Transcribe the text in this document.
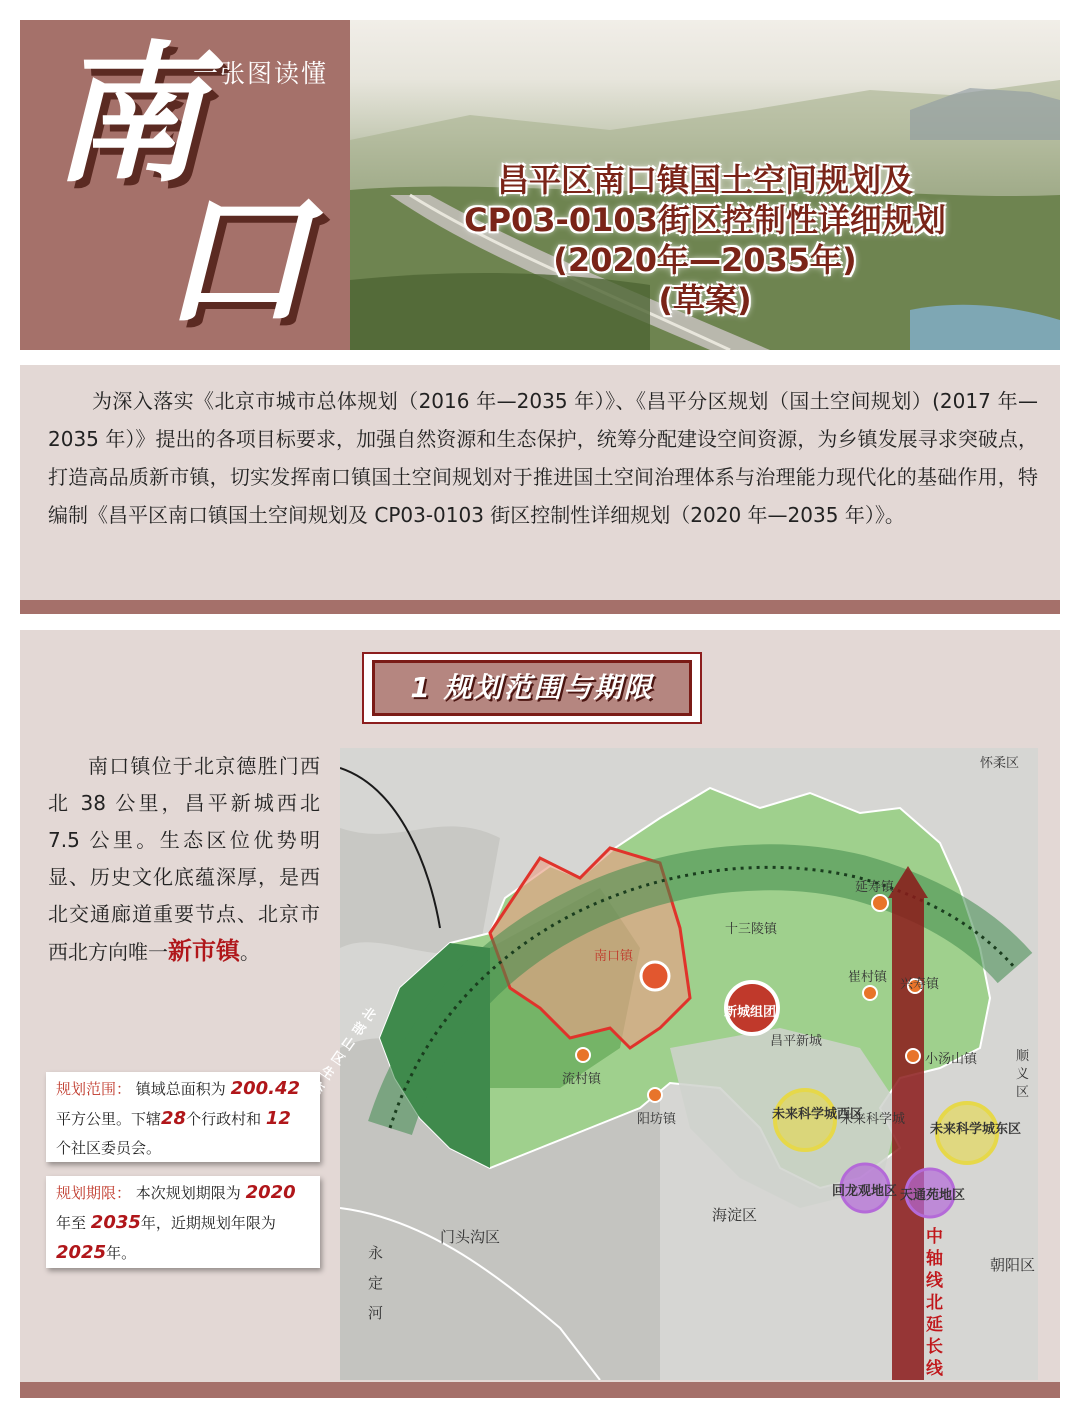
南
口
一张图读懂
昌平区南口镇国土空间规划及
CP03-0103街区控制性详细规划
(2020年—2035年)
(草案)
为深入落实《北京市城市总体规划（2016 年—2035 年）》、《昌平分区规划（国土空间规划）(2017 年—2035 年）》提出的各项目标要求，加强自然资源和生态保护，统筹分配建设空间资源，为乡镇发展寻求突破点，打造高品质新市镇，切实发挥南口镇国土空间规划对于推进国土空间治理体系与治理能力现代化的基础作用，特编制《昌平区南口镇国土空间规划及 CP03-0103 街区控制性详细规划（2020 年—2035 年）》。
1 规划范围与期限
南口镇位于北京德胜门西北 38 公里，昌平新城西北 7.5 公里。生态区位优势明显、历史文化底蕴深厚，是西北交通廊道重要节点、北京市西北方向唯一新市镇。
规划范围： 镇域总面积为 200.42
平方公里。下辖28个行政村和 12
个社区委员会。
规划期限： 本次规划期限为 2020
年至 2035年，近期规划年限为
2025年。
怀柔区
延寿镇
十三陵镇
南口镇
崔村镇 兴寿镇
新城组团
昌平新城
小汤山镇	顺义区
流村镇
阳坊镇	未来科学城西区
未来科学城
未来科学城东区
回龙观地区 天通苑地区
海淀区
门头沟区
朝阳区
永定河
北部山区生态文化带
中轴线北延长线
